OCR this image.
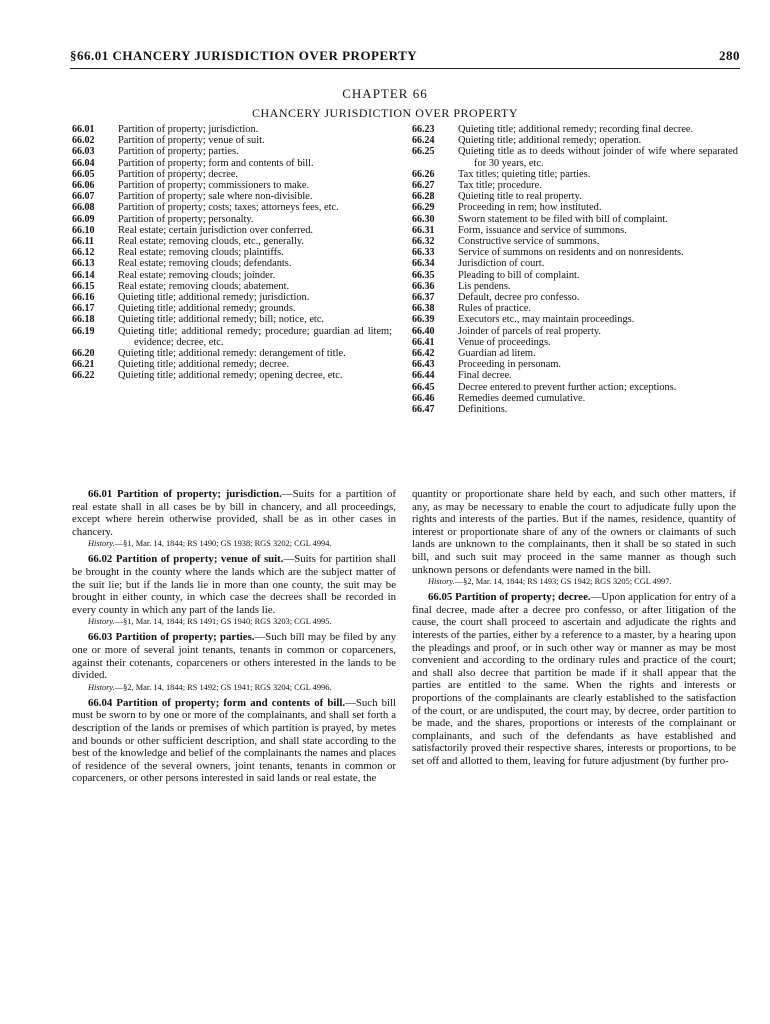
§66.01 CHANCERY JURISDICTION OVER PROPERTY	280
CHAPTER 66
CHANCERY JURISDICTION OVER PROPERTY
66.01	Partition of property; jurisdiction.
66.02	Partition of property; venue of suit.
66.03	Partition of property; parties.
66.04	Partition of property; form and contents of bill.
66.05	Partition of property; decree.
66.06	Partition of property; commissioners to make.
66.07	Partition of property; sale where non-divisible.
66.08	Partition of property; costs; taxes; attorneys fees, etc.
66.09	Partition of property; personalty.
66.10	Real estate; certain jurisdiction over conferred.
66.11	Real estate; removing clouds, etc., generally.
66.12	Real estate; removing clouds; plaintiffs.
66.13	Real estate; removing clouds; defendants.
66.14	Real estate; removing clouds; joinder.
66.15	Real estate; removing clouds; abatement.
66.16	Quieting title; additional remedy; jurisdiction.
66.17	Quieting title; additional remedy; grounds.
66.18	Quieting title; additional remedy; bill; notice, etc.
66.19	Quieting title; additional remedy; procedure; guardian ad litem; evidence; decree, etc.
66.20	Quieting title; additional remedy: derangement of title.
66.21	Quieting title; additional remedy; decree.
66.22	Quieting title; additional remedy; opening decree, etc.
66.23	Quieting title; additional remedy; recording final decree.
66.24	Quieting title; additional remedy; operation.
66.25	Quieting title as to deeds without joinder of wife where separated for 30 years, etc.
66.26	Tax titles; quieting title; parties.
66.27	Tax title; procedure.
66.28	Quieting title to real property.
66.29	Proceeding in rem; how instituted.
66.30	Sworn statement to be filed with bill of complaint.
66.31	Form, issuance and service of summons.
66.32	Constructive service of summons.
66.33	Service of summons on residents and on nonresidents.
66.34	Jurisdiction of court.
66.35	Pleading to bill of complaint.
66.36	Lis pendens.
66.37	Default, decree pro confesso.
66.38	Rules of practice.
66.39	Executors etc., may maintain proceedings.
66.40	Joinder of parcels of real property.
66.41	Venue of proceedings.
66.42	Guardian ad litem.
66.43	Proceeding in personam.
66.44	Final decree.
66.45	Decree entered to prevent further action; exceptions.
66.46	Remedies deemed cumulative.
66.47	Definitions.

66.01 Partition of property; jurisdiction.—Suits for a partition of real estate shall in all cases be by bill in chancery, and all proceedings, except where herein otherwise provided, shall be as in other cases in chancery.

History.—§1, Mar. 14, 1844; RS 1490; GS 1938; RGS 3202; CGL 4994.

66.02 Partition of property; venue of suit.—Suits for partition shall be brought in the county where the lands which are the subject matter of the suit lie; but if the lands lie in more than one county, the suit may be brought in either county, in which case the decrees shall be recorded in every county in which any part of the lands lie.

History.—§1, Mar. 14, 1844; RS 1491; GS 1940; RGS 3203; CGL 4995.

66.03 Partition of property; parties.—Such bill may be filed by any one or more of several joint tenants, tenants in common or coparceners, against their cotenants, coparceners or others interested in the lands to be divided.

History.—§2, Mar. 14, 1844; RS 1492; GS 1941; RGS 3204; CGL 4996.

66.04 Partition of property; form and contents of bill.—Such bill must be sworn to by one or more of the complainants, and shall set forth a description of the lands or premises of which partition is prayed, by metes and bounds or other sufficient description, and shall state according to the best of the knowledge and belief of the complainants the names and places of residence of the several owners, joint tenants, tenants in common or coparceners, or other persons interested in said lands or real estate, the

quantity or proportionate share held by each, and such other matters, if any, as may be necessary to enable the court to adjudicate fully upon the rights and interests of the parties. But if the names, residence, quantity of interest or proportionate share of any of the owners or claimants of such lands are unknown to the complainants, then it shall be so stated in such bill, and such suit may proceed in the same manner as though such unknown persons or defendants were named in the bill.

History.—§2, Mar. 14, 1844; RS 1493; GS 1942; RGS 3205; CGL 4997.

66.05 Partition of property; decree.—Upon application for entry of a final decree, made after a decree pro confesso, or after litigation of the cause, the court shall proceed to ascertain and adjudicate the rights and interests of the parties, either by a reference to a master, by a hearing upon the pleadings and proof, or in such other way or manner as may be most convenient and according to the ordinary rules and practice of the court; and shall also decree that partition be made if it shall appear that the parties are entitled to the same. When the rights and interests or proportions of the complainants are clearly established to the satisfaction of the court, or are undisputed, the court may, by decree, order partition to be made, and the shares, proportions or interests of the complainant or complainants, and such of the defendants as have established and satisfactorily proved their respective shares, interests or proportions, to be set off and allotted to them, leaving for future adjustment (by further pro-
